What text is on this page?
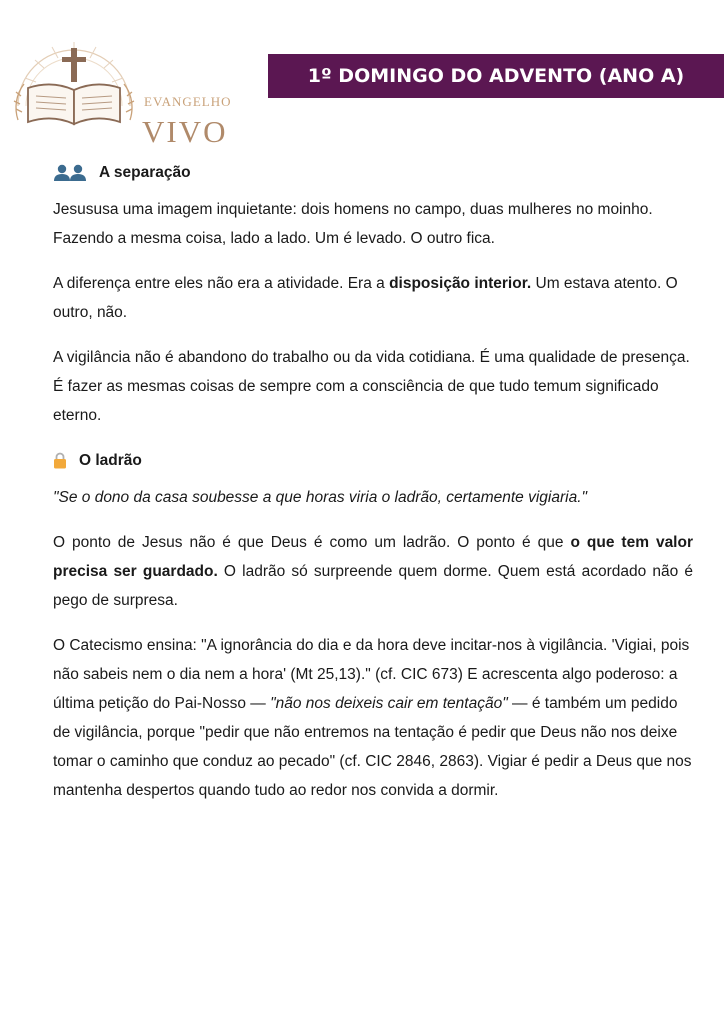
EVANGELHO
VIVO
1º DOMINGO DO ADVENTO (ANO A)
A separação

Jesususa uma imagem inquietante: dois homens no campo, duas mulheres no moinho. Fazendo a mesma coisa, lado a lado. Um é levado. O outro fica.

A diferença entre eles não era a atividade. Era a disposição interior. Um estava atento. O outro, não.

A vigilância não é abandono do trabalho ou da vida cotidiana. É uma qualidade de presença. É fazer as mesmas coisas de sempre com a consciência de que tudo temum significado eterno.

O ladrão

"Se o dono da casa soubesse a que horas viria o ladrão, certamente vigiaria."

O ponto de Jesus não é que Deus é como um ladrão. O ponto é que o que tem valor precisa ser guardado. O ladrão só surpreende quem dorme. Quem está acordado não é pego de surpresa.

O Catecismo ensina: "A ignorância do dia e da hora deve incitar-nos à vigilância. 'Vigiai, pois não sabeis nem o dia nem a hora' (Mt 25,13)." (cf. CIC 673) E acrescenta algo poderoso: a última petição do Pai-Nosso — "não nos deixeis cair em tentação" — é também um pedido de vigilância, porque "pedir que não entremos na tentação é pedir que Deus não nos deixe tomar o caminho que conduz ao pecado" (cf. CIC 2846, 2863). Vigiar é pedir a Deus que nos mantenha despertos quando tudo ao redor nos convida a dormir.
